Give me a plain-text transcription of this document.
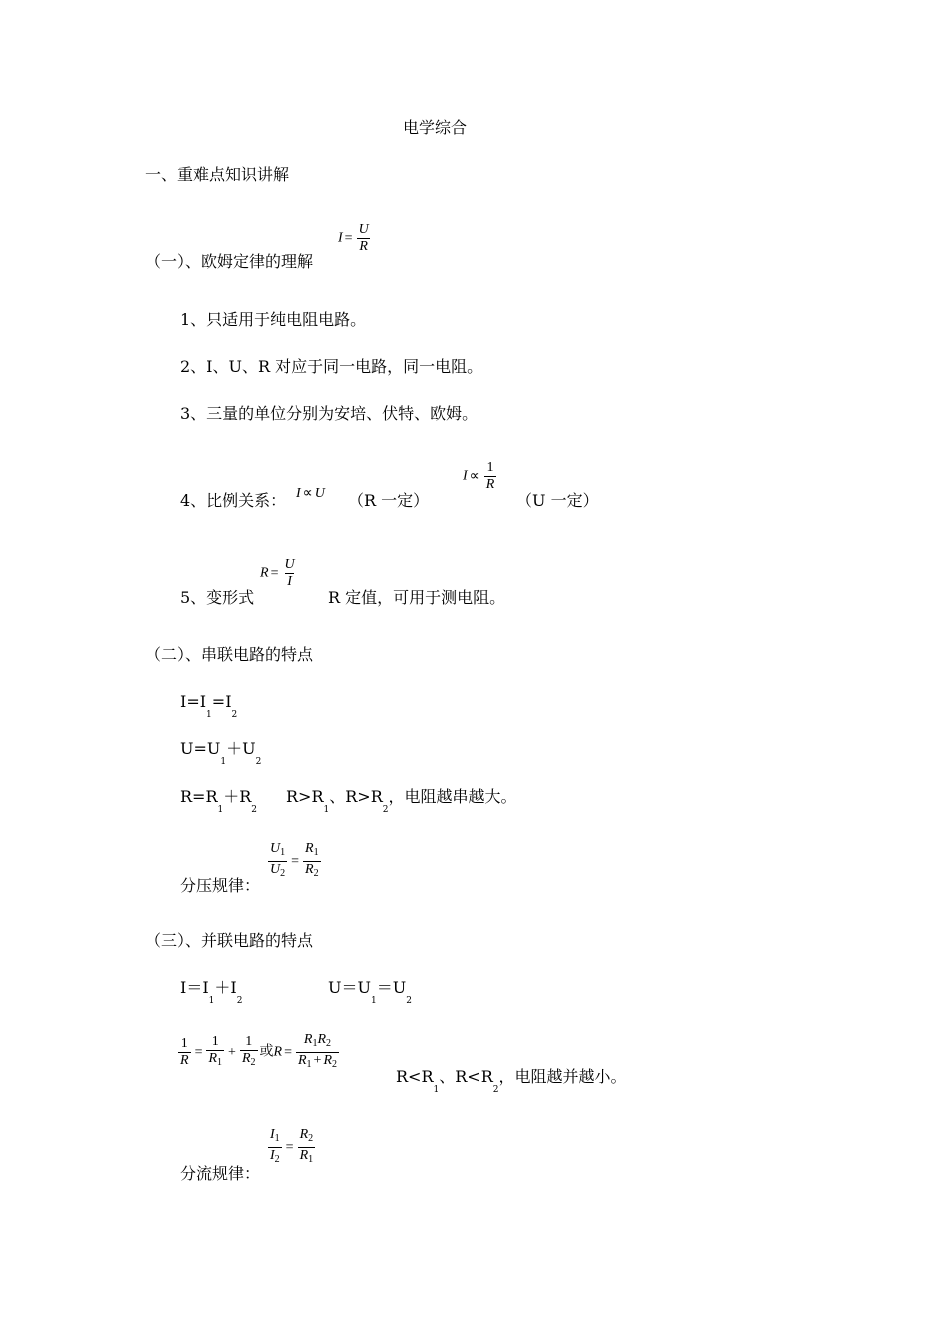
电学综合
一、重难点知识讲解
$I = \frac{U}{R}$
（一）、欧姆定律的理解
1、只适用于纯电阻电路。
2、I、U、R 对应于同一电路，同一电阻。
3、三量的单位分别为安培、伏特、欧姆。
4、比例关系： I ∝ U （R 一定）
$I \propto \frac{1}{R}$
（U 一定）
5、变形式
$R = \frac{U}{I}$
R 定值，可用于测电阻。
（二）、串联电路的特点
$I=I_1=I_2$
$U=U_1+U_2$
$R=R_1+R_2$
$R>R_1$、$R>R_2$，电阻越串越大。
$\frac{U_1}{U_2} = \frac{R_1}{R_2}$
分压规律：
（三）、并联电路的特点
$I=I_1+I_2$
$U=U_1=U_2$
$\frac{1}{R} = \frac{1}{R_1} + \frac{1}{R_2}$ 或$R = \frac{R_1R_2}{R_1 + R_2}$
$R<R_1$、$R<R_2$，电阻越并越小。
$\frac{I_1}{I_2} = \frac{R_2}{R_1}$
分流规律：
